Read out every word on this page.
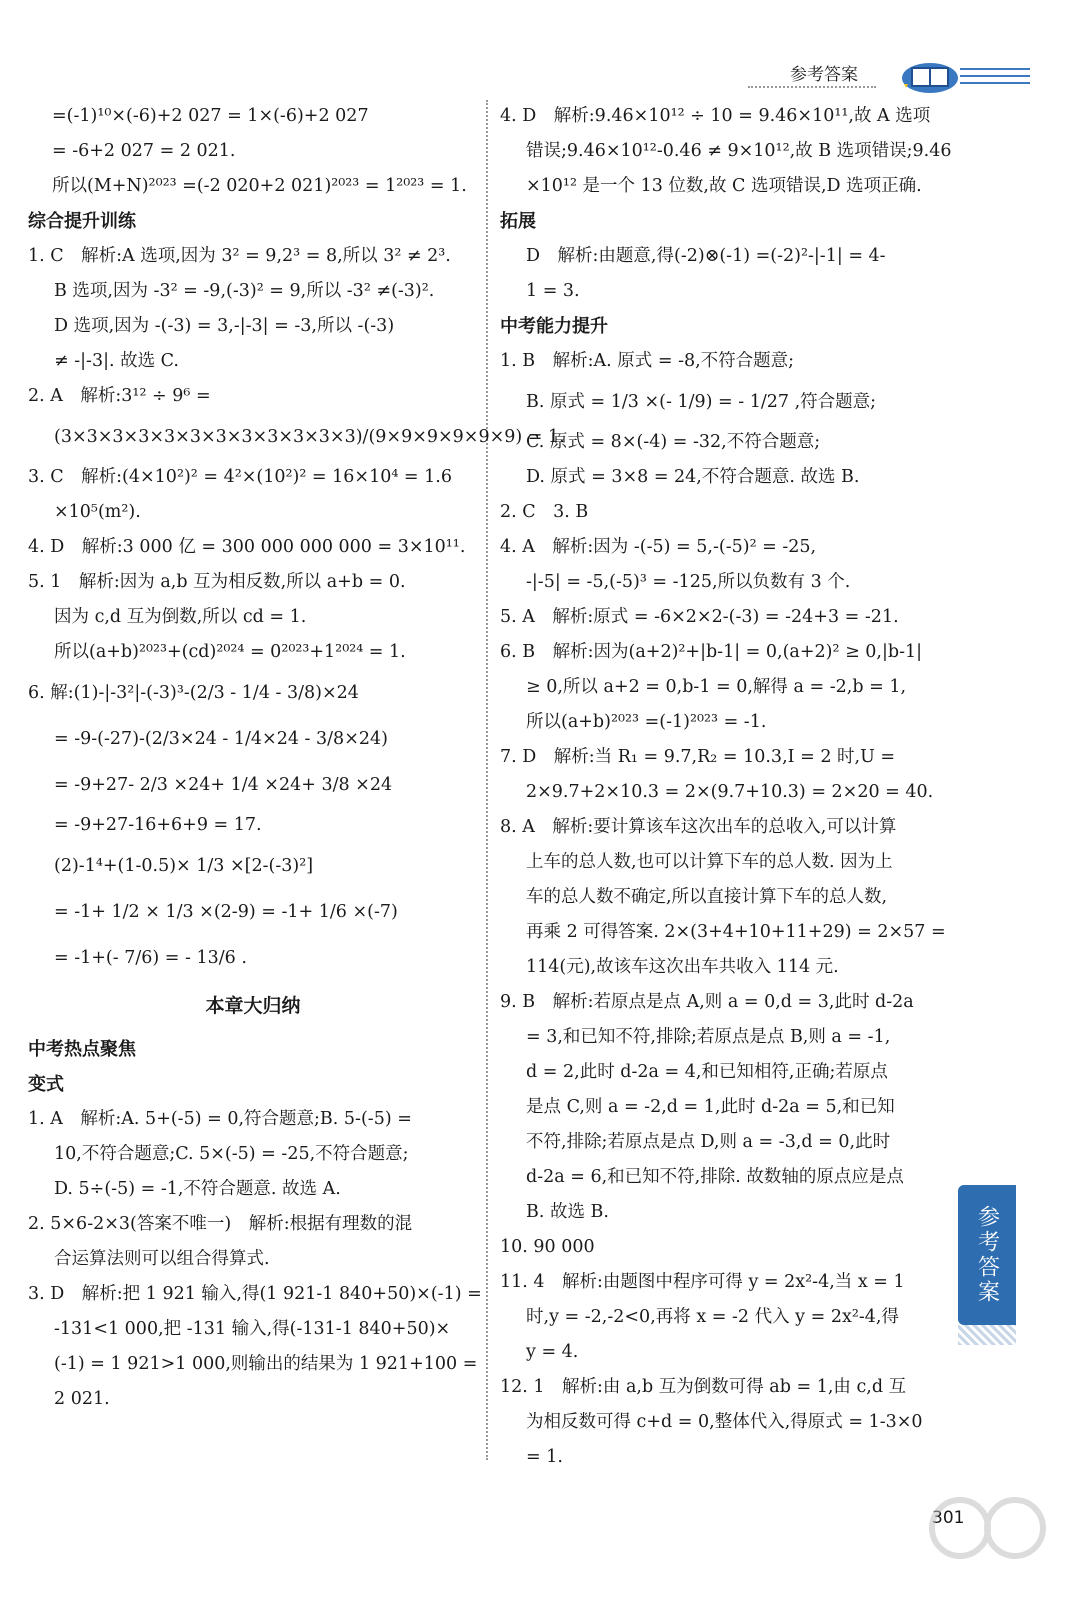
参考答案
=(-1)¹⁰×(-6)+2 027 = 1×(-6)+2 027
= -6+2 027 = 2 021.
所以(M+N)²⁰²³ =(-2 020+2 021)²⁰²³ = 1²⁰²³ = 1.
综合提升训练
1. C　解析:A 选项,因为 3² = 9,2³ = 8,所以 3² ≠ 2³.
B 选项,因为 -3² = -9,(-3)² = 9,所以 -3² ≠(-3)².
D 选项,因为 -(-3) = 3,-|-3| = -3,所以 -(-3)
≠ -|-3|. 故选 C.
2. A　解析:3¹² ÷ 9⁶ =
(3×3×3×3×3×3×3×3×3×3×3×3)/(9×9×9×9×9×9) = 1.
3. C　解析:(4×10²)² = 4²×(10²)² = 16×10⁴ = 1.6
×10⁵(m²).
4. D　解析:3 000 亿 = 300 000 000 000 = 3×10¹¹.
5. 1　解析:因为 a,b 互为相反数,所以 a+b = 0.
因为 c,d 互为倒数,所以 cd = 1.
所以(a+b)²⁰²³+(cd)²⁰²⁴ = 0²⁰²³+1²⁰²⁴ = 1.
6. 解:(1)-|-3²|-(-3)³-(2/3 - 1/4 - 3/8)×24
= -9-(-27)-(2/3×24 - 1/4×24 - 3/8×24)
= -9+27- 2/3 ×24+ 1/4 ×24+ 3/8 ×24
= -9+27-16+6+9 = 17.
(2)-1⁴+(1-0.5)× 1/3 ×[2-(-3)²]
= -1+ 1/2 × 1/3 ×(2-9) = -1+ 1/6 ×(-7)
= -1+(- 7/6) = - 13/6 .
本章大归纳
中考热点聚焦
变式
1. A　解析:A. 5+(-5) = 0,符合题意;B. 5-(-5) =
10,不符合题意;C. 5×(-5) = -25,不符合题意;
D. 5÷(-5) = -1,不符合题意. 故选 A.
2. 5×6-2×3(答案不唯一)　解析:根据有理数的混
合运算法则可以组合得算式.
3. D　解析:把 1 921 输入,得(1 921-1 840+50)×(-1) =
-131<1 000,把 -131 输入,得(-131-1 840+50)×
(-1) = 1 921>1 000,则输出的结果为 1 921+100 =
2 021.
4. D　解析:9.46×10¹² ÷ 10 = 9.46×10¹¹,故 A 选项
错误;9.46×10¹²-0.46 ≠ 9×10¹²,故 B 选项错误;9.46
×10¹² 是一个 13 位数,故 C 选项错误,D 选项正确.
拓展
D　解析:由题意,得(-2)⊗(-1) =(-2)²-|-1| = 4-
1 = 3.
中考能力提升
1. B　解析:A. 原式 = -8,不符合题意;
B. 原式 = 1/3 ×(- 1/9) = - 1/27 ,符合题意;
C. 原式 = 8×(-4) = -32,不符合题意;
D. 原式 = 3×8 = 24,不符合题意. 故选 B.
2. C　3. B
4. A　解析:因为 -(-5) = 5,-(-5)² = -25,
-|-5| = -5,(-5)³ = -125,所以负数有 3 个.
5. A　解析:原式 = -6×2×2-(-3) = -24+3 = -21.
6. B　解析:因为(a+2)²+|b-1| = 0,(a+2)² ≥ 0,|b-1|
≥ 0,所以 a+2 = 0,b-1 = 0,解得 a = -2,b = 1,
所以(a+b)²⁰²³ =(-1)²⁰²³ = -1.
7. D　解析:当 R₁ = 9.7,R₂ = 10.3,I = 2 时,U =
2×9.7+2×10.3 = 2×(9.7+10.3) = 2×20 = 40.
8. A　解析:要计算该车这次出车的总收入,可以计算
上车的总人数,也可以计算下车的总人数. 因为上
车的总人数不确定,所以直接计算下车的总人数,
再乘 2 可得答案. 2×(3+4+10+11+29) = 2×57 =
114(元),故该车这次出车共收入 114 元.
9. B　解析:若原点是点 A,则 a = 0,d = 3,此时 d-2a
= 3,和已知不符,排除;若原点是点 B,则 a = -1,
d = 2,此时 d-2a = 4,和已知相符,正确;若原点
是点 C,则 a = -2,d = 1,此时 d-2a = 5,和已知
不符,排除;若原点是点 D,则 a = -3,d = 0,此时
d-2a = 6,和已知不符,排除. 故数轴的原点应是点
B. 故选 B.
10. 90 000
11. 4　解析:由题图中程序可得 y = 2x²-4,当 x = 1
时,y = -2,-2<0,再将 x = -2 代入 y = 2x²-4,得
y = 4.
12. 1　解析:由 a,b 互为倒数可得 ab = 1,由 c,d 互
为相反数可得 c+d = 0,整体代入,得原式 = 1-3×0
= 1.
参考答案
301
